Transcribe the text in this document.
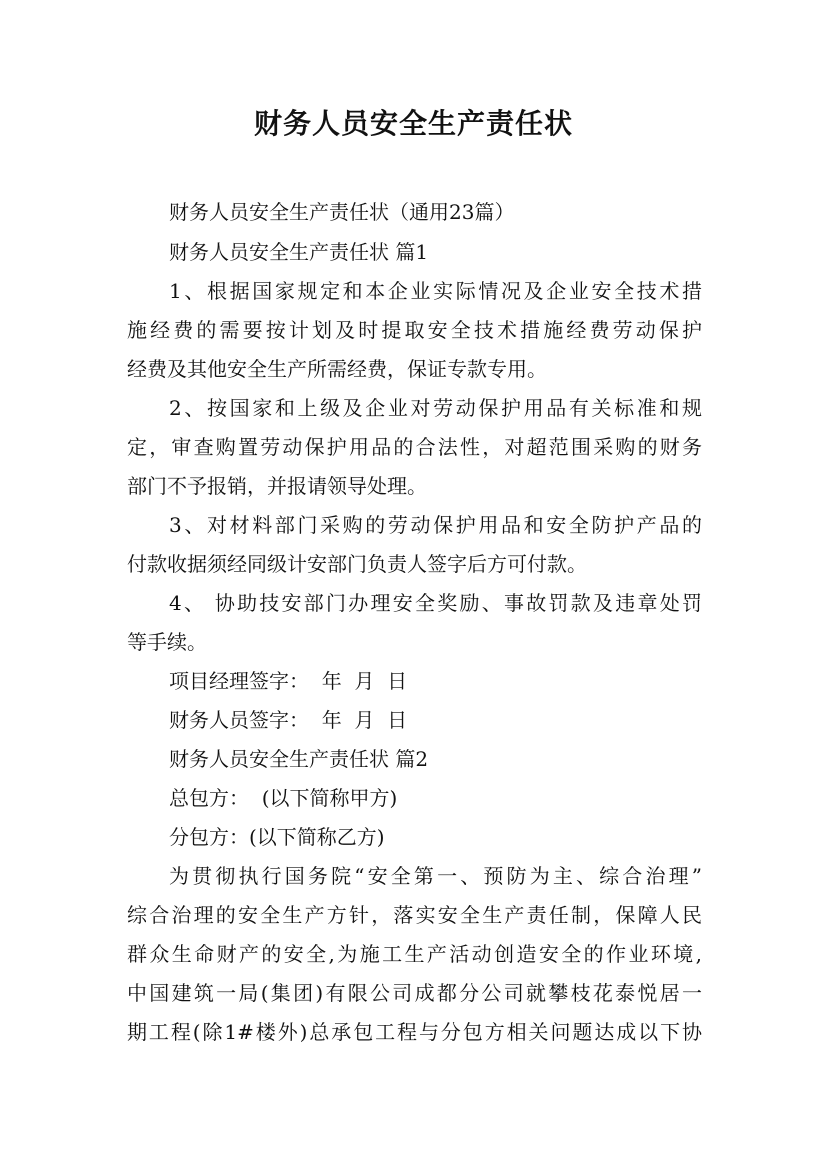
财务人员安全生产责任状
财务人员安全生产责任状（通用23篇）
财务人员安全生产责任状 篇1
1、根据国家规定和本企业实际情况及企业安全技术措
施经费的需要按计划及时提取安全技术措施经费劳动保护
经费及其他安全生产所需经费，保证专款专用。
2、按国家和上级及企业对劳动保护用品有关标准和规
定，审查购置劳动保护用品的合法性，对超范围采购的财务
部门不予报销，并报请领导处理。
3、对材料部门采购的劳动保护用品和安全防护产品的
付款收据须经同级计安部门负责人签字后方可付款。
4、 协助技安部门办理安全奖励、事故罚款及违章处罚
等手续。
项目经理签字：  年  月  日
财务人员签字：  年  月  日
财务人员安全生产责任状 篇2
总包方：  (以下简称甲方)
分包方：(以下简称乙方)
为贯彻执行国务院“安全第一、预防为主、综合治理”
综合治理的安全生产方针，落实安全生产责任制，保障人民
群众生命财产的安全,为施工生产活动创造安全的作业环境,
中国建筑一局(集团)有限公司成都分公司就攀枝花泰悦居一
期工程(除1#楼外)总承包工程与分包方相关问题达成以下协
